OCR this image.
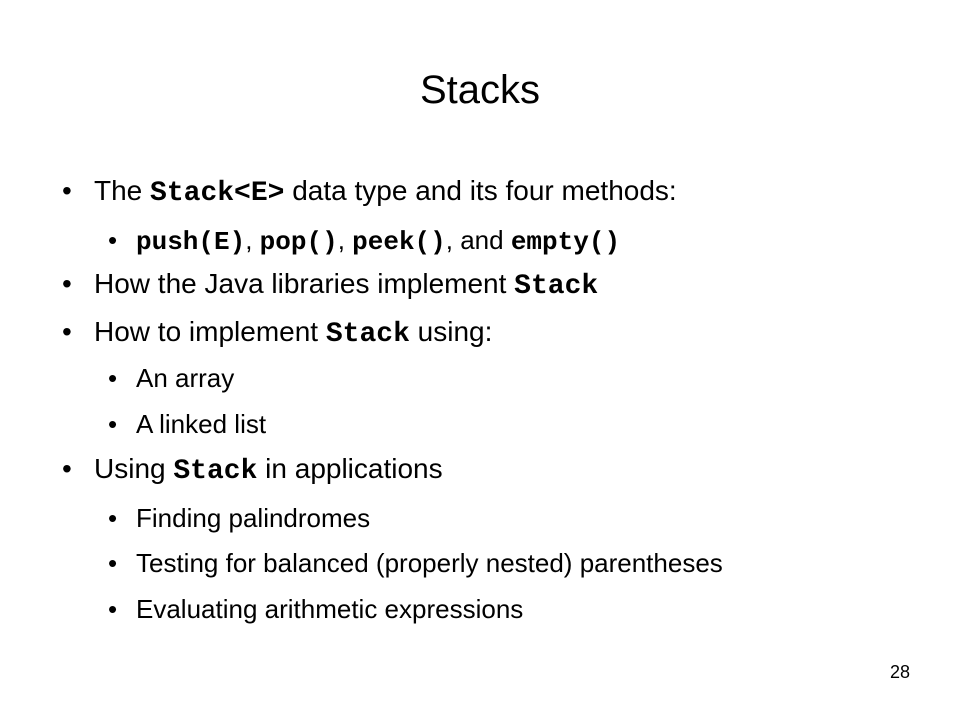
Stacks
• The Stack<E> data type and its four methods:
• push(E), pop(), peek(), and empty()
• How the Java libraries implement Stack
• How to implement Stack using:
• An array
• A linked list
• Using Stack in applications
• Finding palindromes
• Testing for balanced (properly nested) parentheses
• Evaluating arithmetic expressions
28
